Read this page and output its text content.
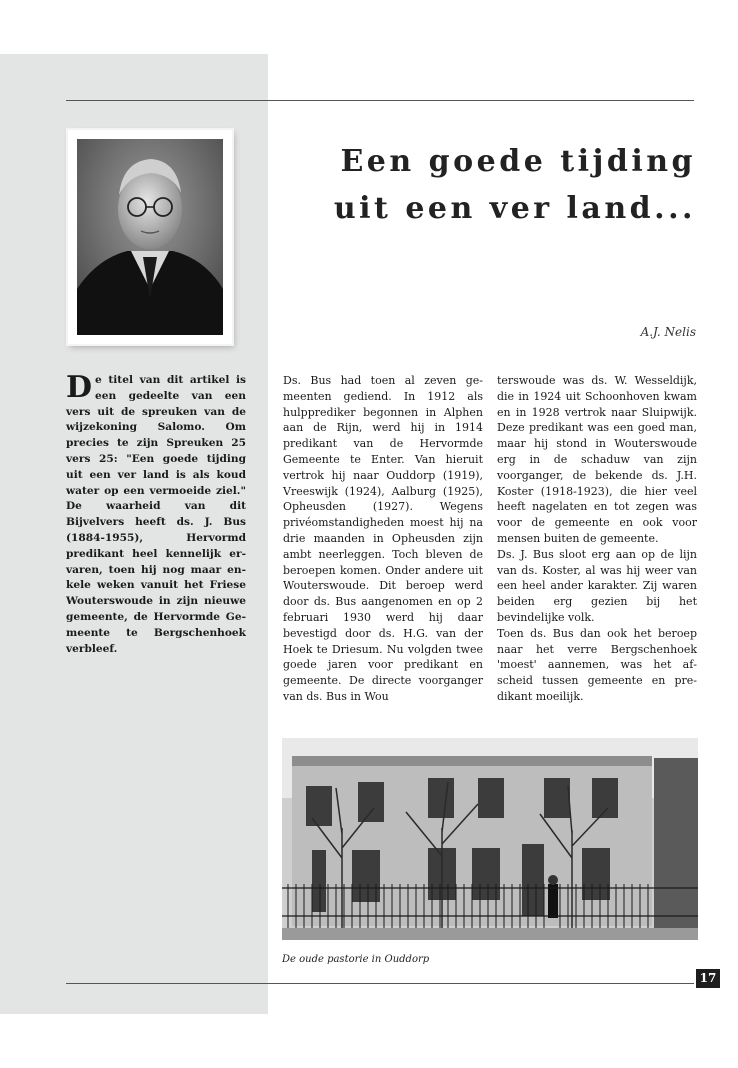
Een goede tijding uit een ver land...
A.J. Nelis

De titel van dit artikel is een gedeelte van een vers uit de spreuken van de wijzekoning Salomo. Om precies te zijn Spreuken 25 vers 25: "Een goede tijding uit een ver land is als koud water op een vermoeide ziel." De waarheid van dit Bijvelvers heeft ds. J. Bus (1884-1955), Hervormd predikant heel kennelijk ervaren, toen hij nog maar enkele weken vanuit het Friese Wouterswoude in zijn nieuwe gemeente, de Hervormde Gemeente te Bergschenhoek verbleef.

Ds. Bus had toen al zeven gemeenten gediend. In 1912 als hulpprediker begonnen in Alphen aan de Rijn, werd hij in 1914 predikant van de Hervormde Gemeente te Enter. Van hieruit vertrok hij naar Ouddorp (1919), Vreeswijk (1924), Aalburg (1925), Opheusden (1927). Wegens privéomstandigheden moest hij na drie maanden in Opheusden zijn ambt neerleggen. Toch bleven de beroepen komen. Onder andere uit Wouterswoude. Dit beroep werd door ds. Bus aangenomen en op 2 februari 1930 werd hij daar bevestigd door ds. H.G. van der Hoek te Driesum. Nu volgden twee goede jaren voor predikant en gemeente. De directe voorganger van ds. Bus in Wou

terswoude was ds. W. Wesseldijk, die in 1924 uit Schoonhoven kwam en in 1928 vertrok naar Sluipwijk. Deze predikant was een goed man, maar hij stond in Wouterswoude erg in de schaduw van zijn voorganger, de bekende ds. J.H. Koster (1918-1923), die hier veel heeft nagelaten en tot zegen was voor de gemeente en ook voor mensen buiten de gemeente.

Ds. J. Bus sloot erg aan op de lijn van ds. Koster, al was hij weer van een heel ander karakter. Zij waren beiden erg gezien bij het bevindelijke volk.

Toen ds. Bus dan ook het beroep naar het verre Bergschenhoek 'moest' aannemen, was het afscheid tussen gemeente en predikant moeilijk.

De oude pastorie in Ouddorp

17
